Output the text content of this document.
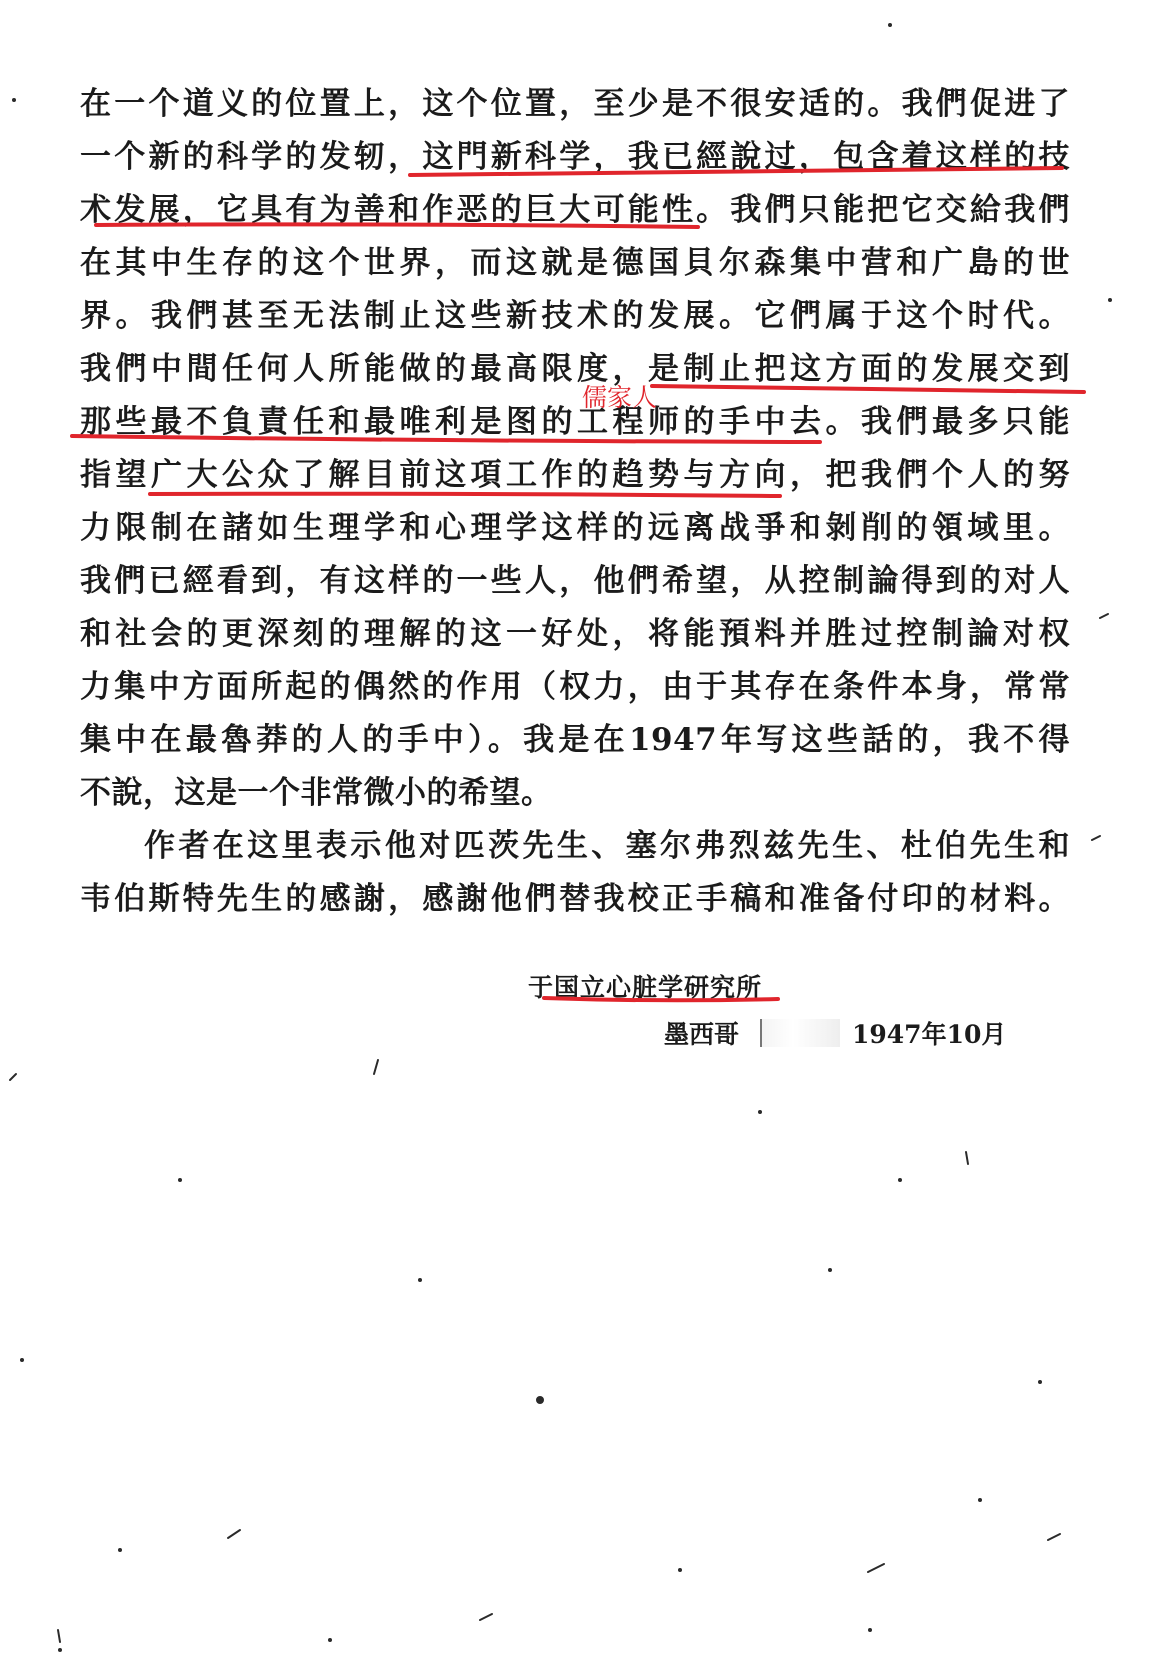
在一个道义的位置上，这个位置，至少是不很安适的。我們促进了
一个新的科学的发轫，这門新科学，我已經說过，包含着这样的技
术发展，它具有为善和作恶的巨大可能性。我們只能把它交給我們
在其中生存的这个世界，而这就是德国貝尔森集中营和广島的世
界。我們甚至无法制止这些新技术的发展。它們属于这个时代。
我們中間任何人所能做的最高限度，是制止把这方面的发展交到
那些最不負責任和最唯利是图的工程师的手中去。我們最多只能
指望广大公众了解目前这項工作的趋势与方向，把我們个人的努
力限制在諸如生理学和心理学这样的远离战爭和剝削的領域里。
我們已經看到，有这样的一些人，他們希望，从控制論得到的对人
和社会的更深刻的理解的这一好处，将能預料并胜过控制論对权
力集中方面所起的偶然的作用（权力，由于其存在条件本身，常常
集中在最魯莽的人的手中）。我是在1947年写这些話的，我不得
不說，这是一个非常微小的希望。
作者在这里表示他对匹茨先生、塞尔弗烈兹先生、杜伯先生和
韦伯斯特先生的感謝，感謝他們替我校正手稿和准备付印的材料。
于国立心脏学研究所
墨西哥	1947年10月
儒家人
